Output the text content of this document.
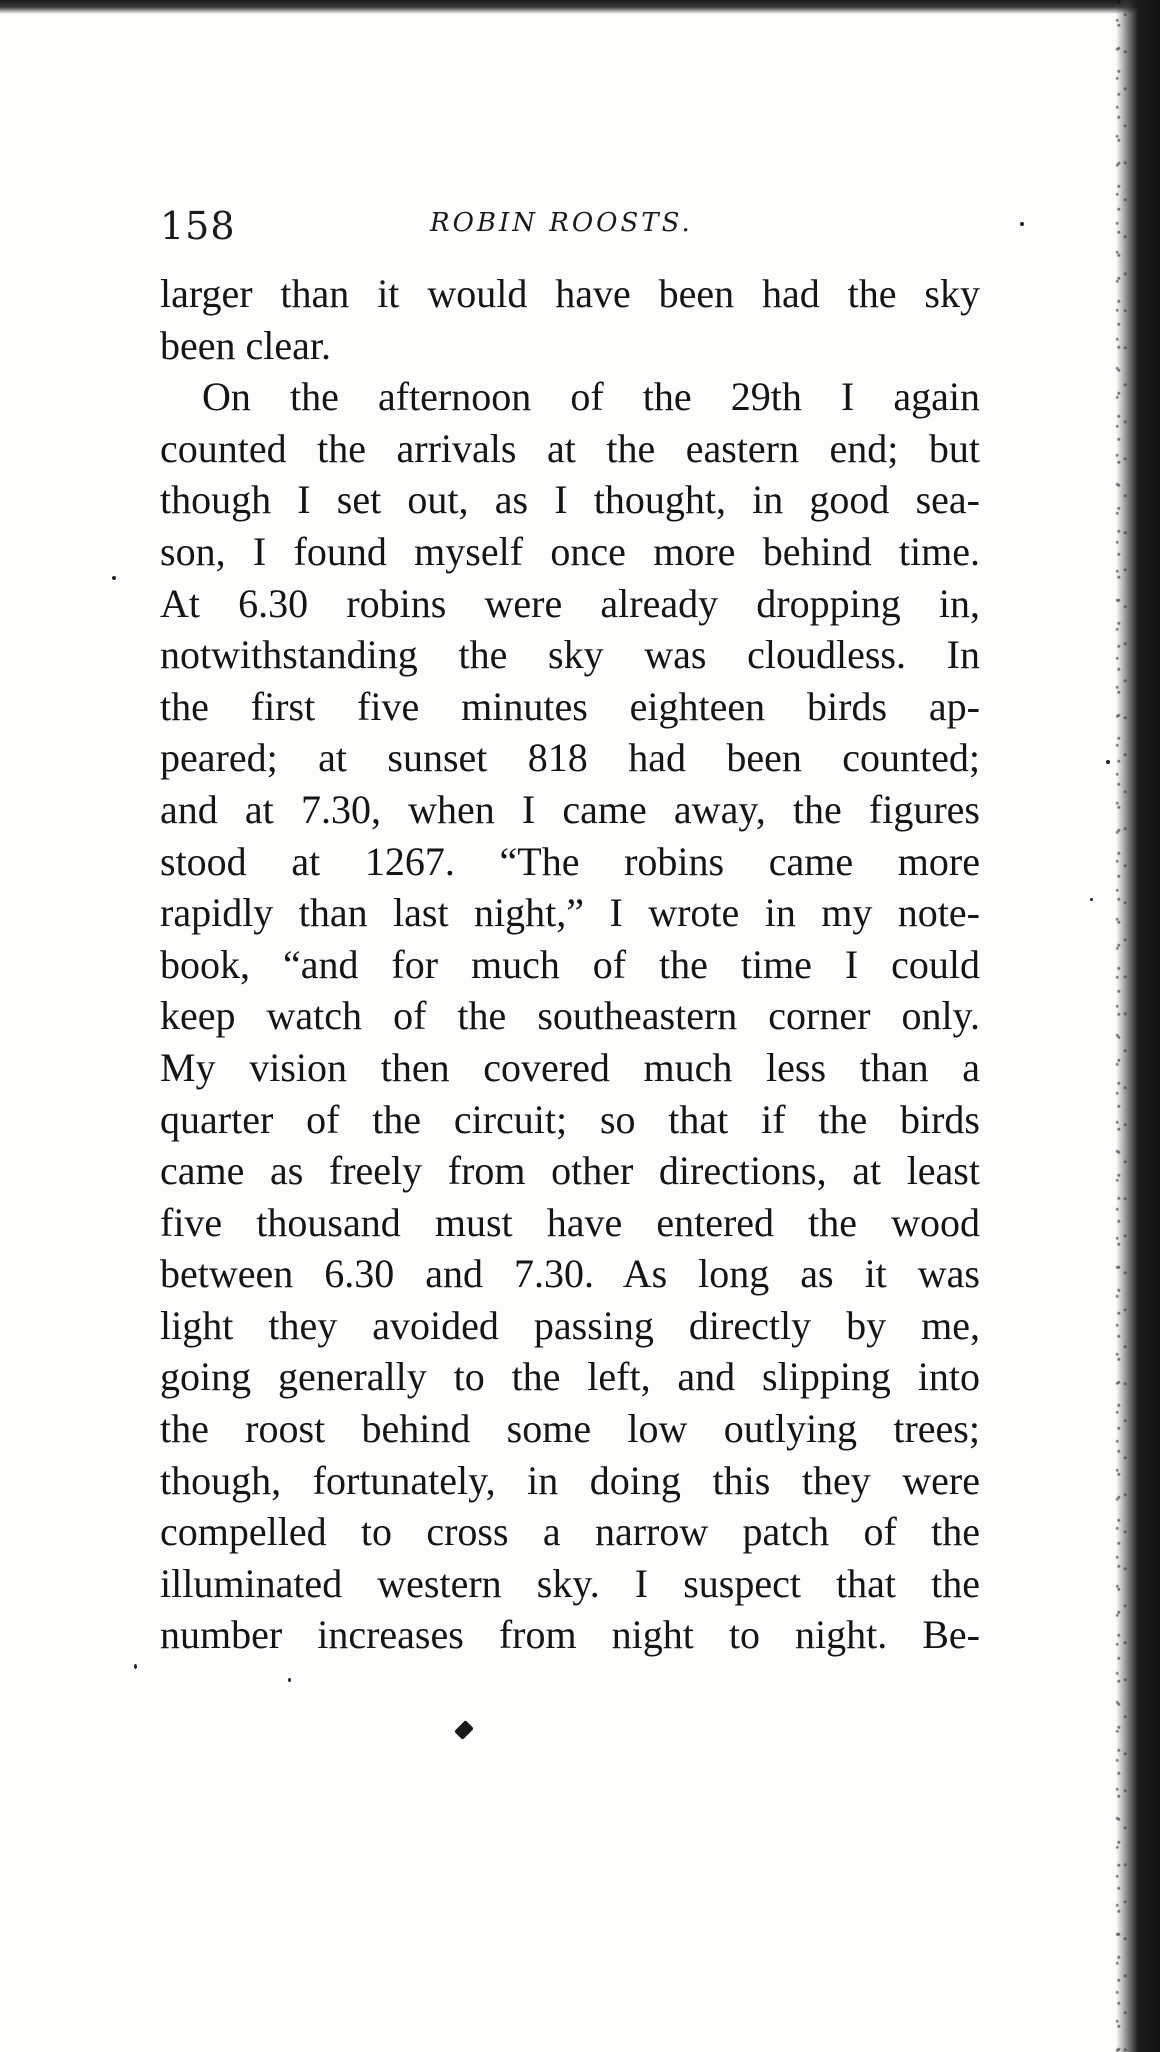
158	ROBIN ROOSTS.
larger than it would have been had the sky
been clear.
On the afternoon of the 29th I again
counted the arrivals at the eastern end; but
though I set out, as I thought, in good sea-
son, I found myself once more behind time.
At 6.30 robins were already dropping in,
notwithstanding the sky was cloudless. In
the first five minutes eighteen birds ap-
peared; at sunset 818 had been counted;
and at 7.30, when I came away, the figures
stood at 1267. “The robins came more
rapidly than last night,” I wrote in my note-
book, “and for much of the time I could
keep watch of the southeastern corner only.
My vision then covered much less than a
quarter of the circuit; so that if the birds
came as freely from other directions, at least
five thousand must have entered the wood
between 6.30 and 7.30. As long as it was
light they avoided passing directly by me,
going generally to the left, and slipping into
the roost behind some low outlying trees;
though, fortunately, in doing this they were
compelled to cross a narrow patch of the
illuminated western sky. I suspect that the
number increases from night to night. Be-
